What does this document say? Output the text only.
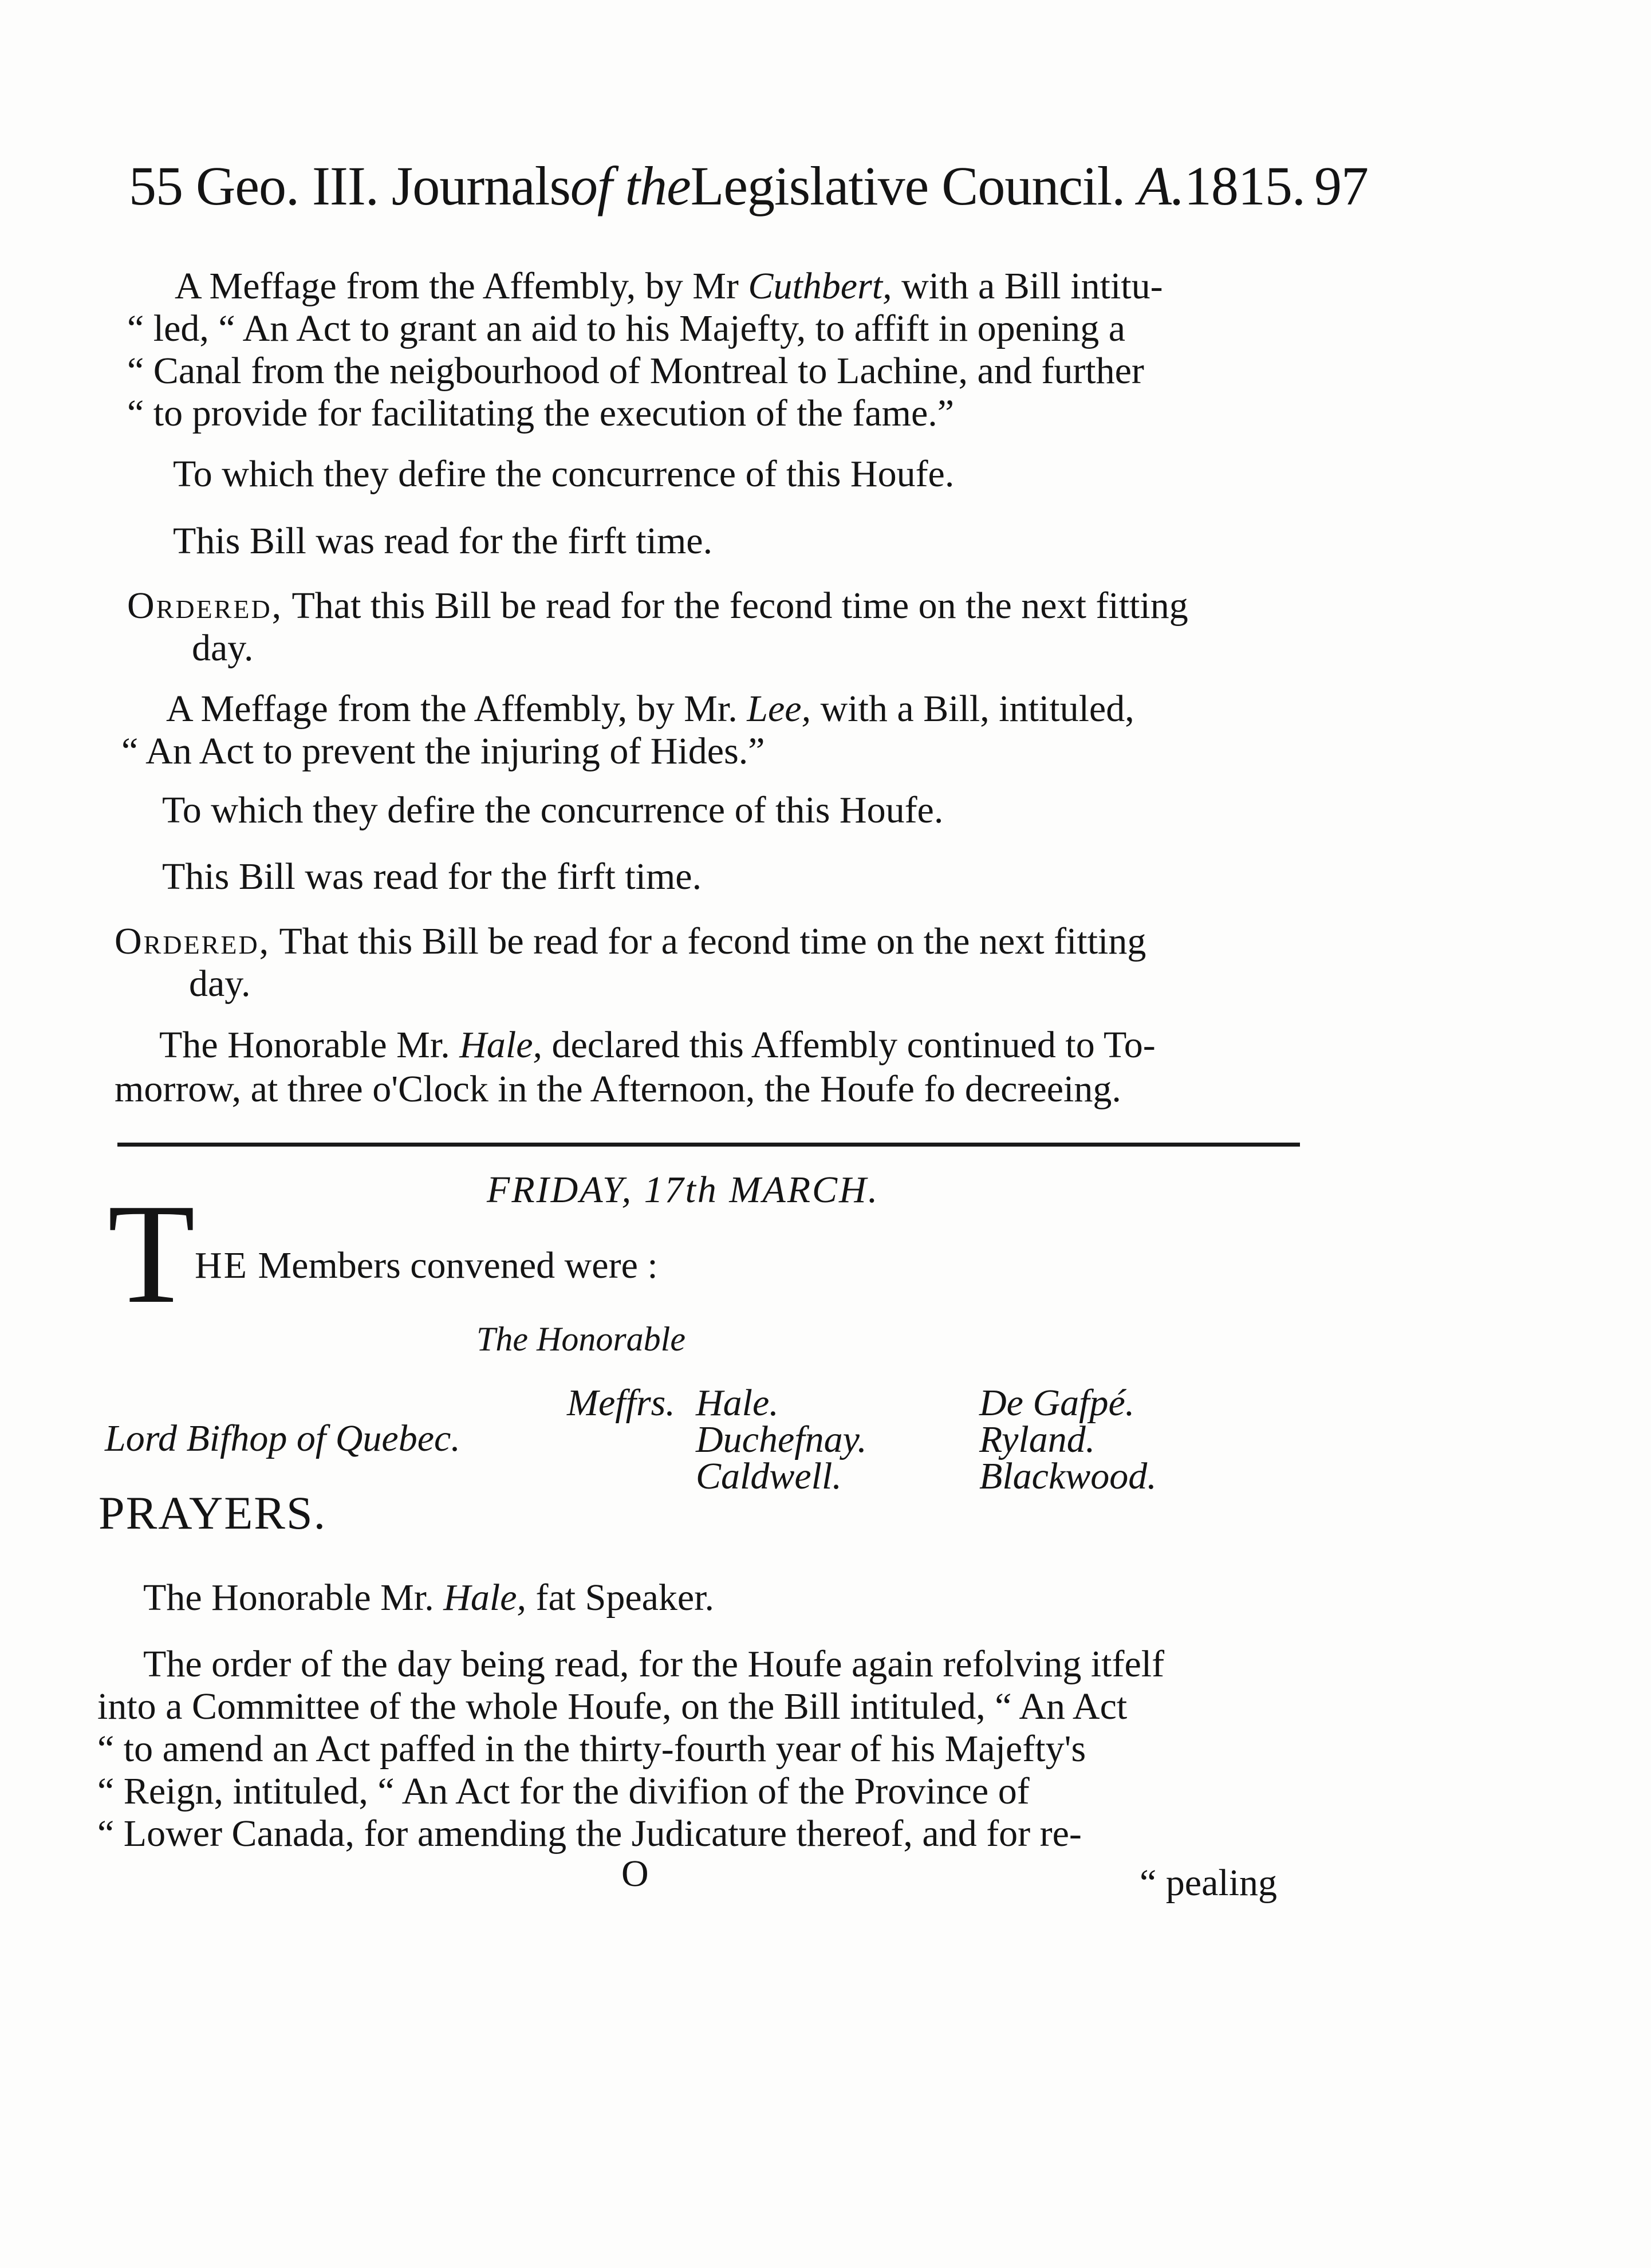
55 Geo. III. Journalsof theLegislative Council. A.1815. 97
A Meffage from the Affembly, by Mr Cuthbert, with a Bill intitu-
“ led, “ An Act to grant an aid to his Majefty, to affift in opening a
“ Canal from the neigbourhood of Montreal to Lachine, and further
“ to provide for facilitating the execution of the fame.”
To which they defire the concurrence of this Houfe.
This Bill was read for the firft time.
Ordered, That this Bill be read for the fecond time on the next fitting
day.
A Meffage from the Affembly, by Mr. Lee, with a Bill, intituled,
“ An Act to prevent the injuring of Hides.”
To which they defire the concurrence of this Houfe.
This Bill was read for the firft time.
Ordered, That this Bill be read for a fecond time on the next fitting
day.
The Honorable Mr. Hale, declared this Affembly continued to To-
morrow, at three o'Clock in the Afternoon, the Houfe fo decreeing.
FRIDAY, 17th MARCH.
T HE Members convened were :
The Honorable
Meffrs.
Lord Bifhop of Quebec.
Hale.
Duchefnay.
Caldwell.
De Gafpé.
Ryland.
Blackwood.
PRAYERS.
The Honorable Mr. Hale, fat Speaker.
The order of the day being read, for the Houfe again refolving itfelf
into a Committee of the whole Houfe, on the Bill intituled, “ An Act
“ to amend an Act paffed in the thirty-fourth year of his Majefty's
“ Reign, intituled, “ An Act for the divifion of the Province of
“ Lower Canada, for amending the Judicature thereof, and for re-
O	“ pealing
